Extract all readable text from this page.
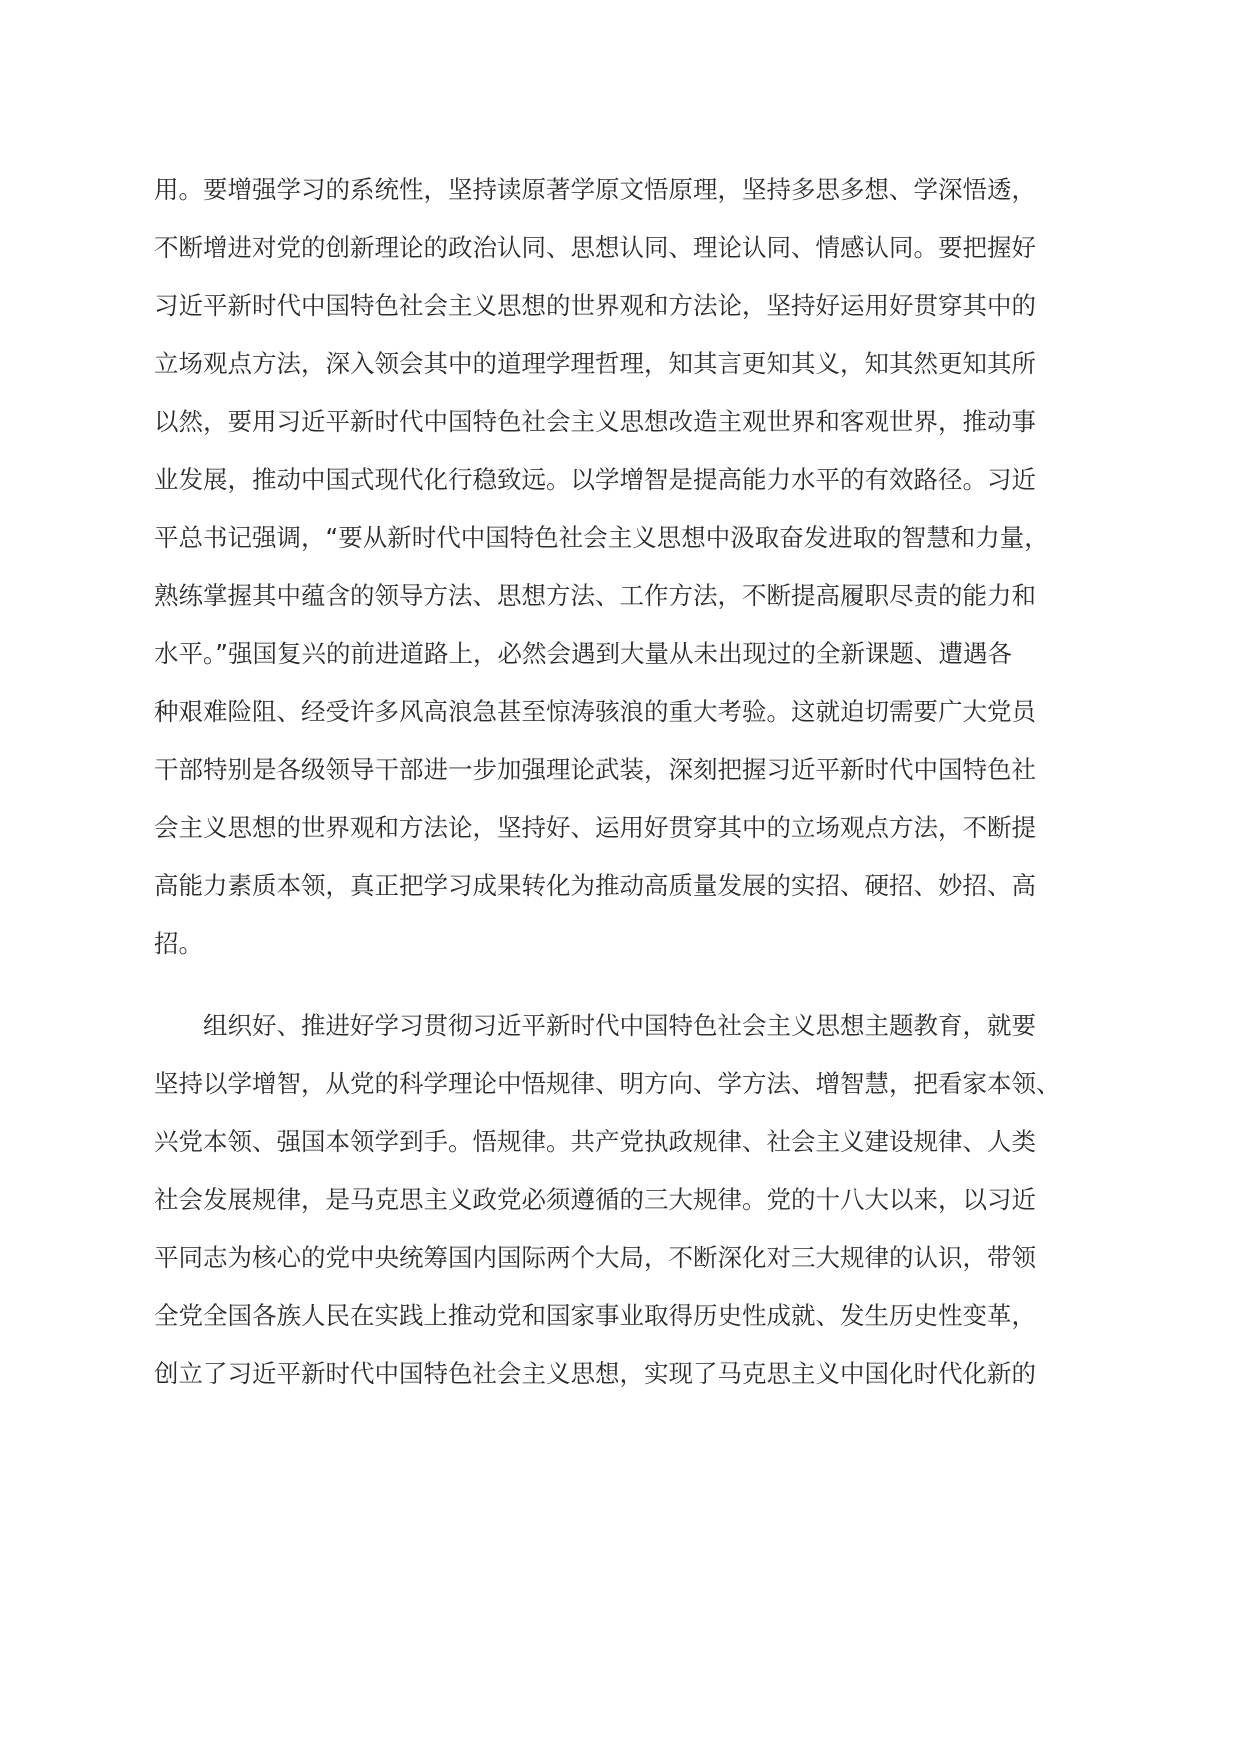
用。要增强学习的系统性，坚持读原著学原文悟原理，坚持多思多想、学深悟透，
不断增进对党的创新理论的政治认同、思想认同、理论认同、情感认同。要把握好
习近平新时代中国特色社会主义思想的世界观和方法论，坚持好运用好贯穿其中的
立场观点方法，深入领会其中的道理学理哲理，知其言更知其义，知其然更知其所
以然，要用习近平新时代中国特色社会主义思想改造主观世界和客观世界，推动事
业发展，推动中国式现代化行稳致远。以学增智是提高能力水平的有效路径。习近
平总书记强调，“要从新时代中国特色社会主义思想中汲取奋发进取的智慧和力量，
熟练掌握其中蕴含的领导方法、思想方法、工作方法，不断提高履职尽责的能力和
水平。”强国复兴的前进道路上，必然会遇到大量从未出现过的全新课题、遭遇各
种艰难险阻、经受许多风高浪急甚至惊涛骇浪的重大考验。这就迫切需要广大党员
干部特别是各级领导干部进一步加强理论武装，深刻把握习近平新时代中国特色社
会主义思想的世界观和方法论，坚持好、运用好贯穿其中的立场观点方法，不断提
高能力素质本领，真正把学习成果转化为推动高质量发展的实招、硬招、妙招、高
招。
组织好、推进好学习贯彻习近平新时代中国特色社会主义思想主题教育，就要
坚持以学增智，从党的科学理论中悟规律、明方向、学方法、增智慧，把看家本领、
兴党本领、强国本领学到手。悟规律。共产党执政规律、社会主义建设规律、人类
社会发展规律，是马克思主义政党必须遵循的三大规律。党的十八大以来，以习近
平同志为核心的党中央统筹国内国际两个大局，不断深化对三大规律的认识，带领
全党全国各族人民在实践上推动党和国家事业取得历史性成就、发生历史性变革，
创立了习近平新时代中国特色社会主义思想，实现了马克思主义中国化时代化新的
